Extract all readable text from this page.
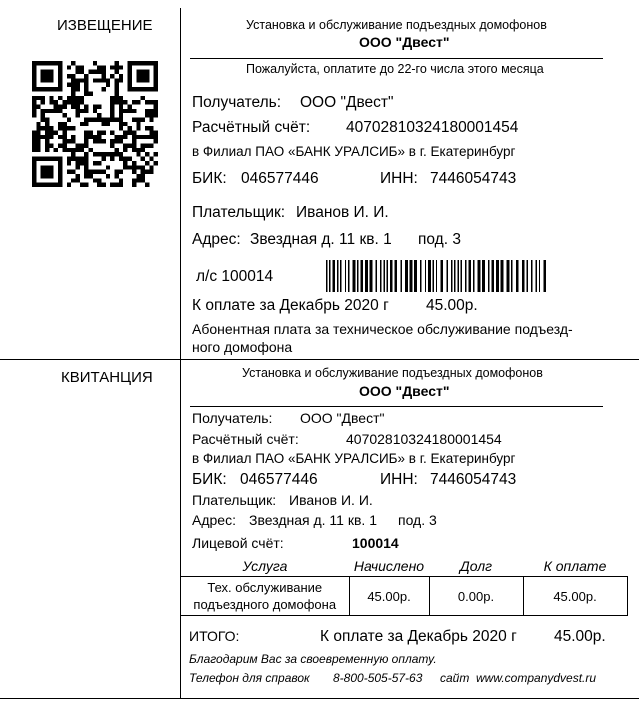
ИЗВЕЩЕНИЕ	Установка и обслуживание подъездных домофонов
ООО "Двест"
Пожалуйста, оплатите до 22-го числа этого месяца
Получатель: ООО "Двест"
Расчётный счёт: 40702810324180001454
в Филиал ПАО «БАНК УРАЛСИБ» в г. Екатеринбург
БИК: 046577446	ИНН: 7446054743
Плательщик: Иванов И. И.
Адрес: Звездная д. 11 кв. 1 под. 3
л/с 100014
К оплате за Декабрь 2020 г 45.00р.
Абонентная плата за техническое обслуживание подъезд-
ного домофона
КВИТАНЦИЯ	Установка и обслуживание подъездных домофонов
ООО "Двест"
Получатель: ООО "Двест"
Расчётный счёт:	40702810324180001454
в Филиал ПАО «БАНК УРАЛСИБ» в г. Екатеринбург
БИК: 046577446	ИНН: 7446054743
Плательщик: Иванов И. И.
Адрес: Звездная д. 11 кв. 1 под. 3
Лицевой счёт:	100014
Услуга	Начислено	Долг	К оплате

Тех. обслуживание
подъездного домофона	45.00р.	0.00р.	45.00р.
ИТОГО:	К оплате за Декабрь 2020 г 45.00р.
Благодарим Вас за своевременную оплату.
Телефон для справок 8-800-505-57-63 сайт www.companydvest.ru
